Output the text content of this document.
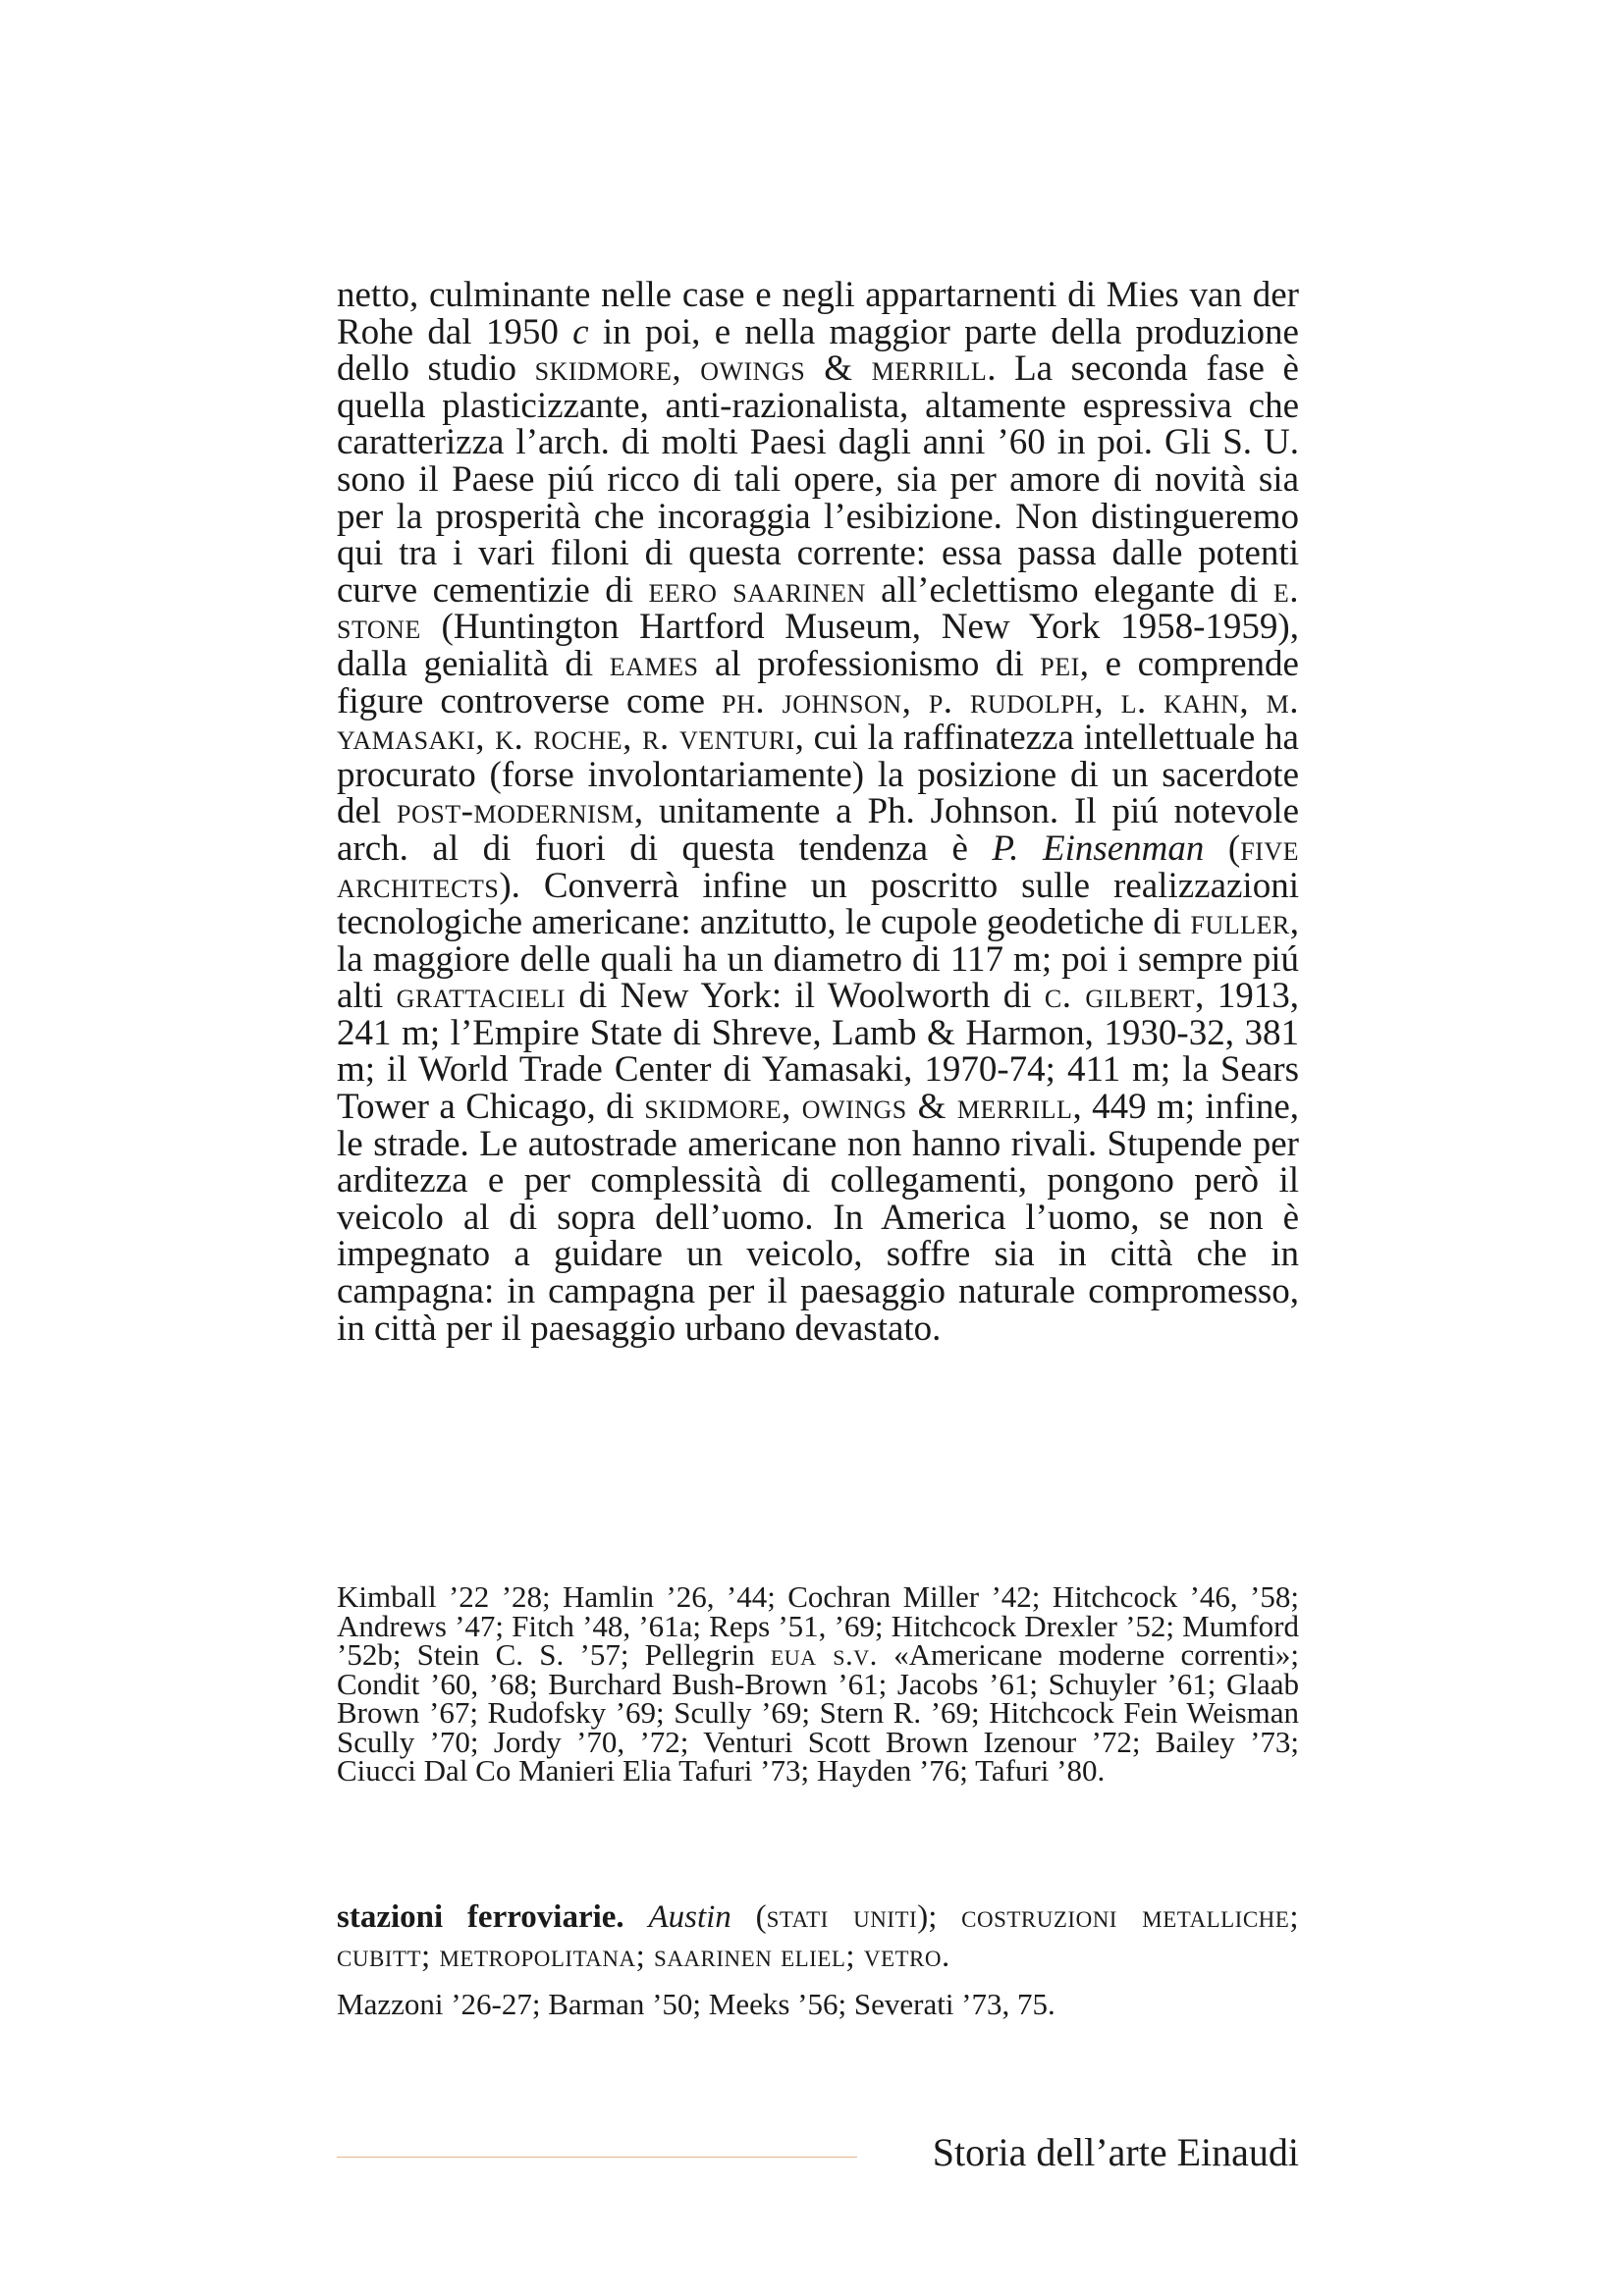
netto, culminante nelle case e negli appartarnenti di Mies van der Rohe dal 1950 c in poi, e nella maggior parte della produzione dello studio skidmore, owings & merrill. La seconda fase è quella plasticizzante, anti-razionalista, altamente espressiva che caratterizza l’arch. di molti Paesi dagli anni ’60 in poi. Gli S. U. sono il Paese piú ricco di tali opere, sia per amore di novità sia per la prosperità che incoraggia l’esibizione. Non distingueremo qui tra i vari filoni di questa corrente: essa passa dalle potenti curve cementizie di eero saarinen all’eclettismo elegante di e. stone (Huntington Hartford Museum, New York 1958-1959), dalla genialità di eames al professionismo di pei, e comprende figure controverse come ph. johnson, p. rudolph, l. kahn, m. yamasaki, k. roche, r. venturi, cui la raffinatezza intellettuale ha procurato (forse involontariamente) la posizione di un sacerdote del post-modernism, unitamente a Ph. Johnson. Il piú notevole arch. al di fuori di questa tendenza è P. Einsenman (five architects). Converrà infine un poscritto sulle realizzazioni tecnologiche americane: anzitutto, le cupole geodetiche di fuller, la maggiore delle quali ha un diametro di 117 m; poi i sempre piú alti grattacieli di New York: il Woolworth di c. gilbert, 1913, 241 m; l’Empire State di Shreve, Lamb & Harmon, 1930-32, 381 m; il World Trade Center di Yamasaki, 1970-74; 411 m; la Sears Tower a Chicago, di skidmore, owings & merrill, 449 m; infine, le strade. Le autostrade americane non hanno rivali. Stupende per arditezza e per complessità di collegamenti, pongono però il veicolo al di sopra dell’uomo. In America l’uomo, se non è impegnato a guidare un veicolo, soffre sia in città che in campagna: in campagna per il paesaggio naturale compromesso, in città per il paesaggio urbano devastato.

Kimball ’22 ’28; Hamlin ’26, ’44; Cochran Miller ’42; Hitchcock ’46, ’58; Andrews ’47; Fitch ’48, ’61a; Reps ’51, ’69; Hitchcock Drexler ’52; Mumford ’52b; Stein C. S. ’57; Pellegrin eua s.v. «Americane moderne correnti»; Condit ’60, ’68; Burchard Bush-Brown ’61; Jacobs ’61; Schuyler ’61; Glaab Brown ’67; Rudofsky ’69; Scully ’69; Stern R. ’69; Hitchcock Fein Weisman Scully ’70; Jordy ’70, ’72; Venturi Scott Brown Izenour ’72; Bailey ’73; Ciucci Dal Co Manieri Elia Tafuri ’73; Hayden ’76; Tafuri ’80.

stazioni ferroviarie. Austin (stati uniti); costruzioni metalliche; cubitt; metropolitana; saarinen eliel; vetro.

Mazzoni ’26-27; Barman ’50; Meeks ’56; Severati ’73, 75.

Storia dell’arte Einaudi
